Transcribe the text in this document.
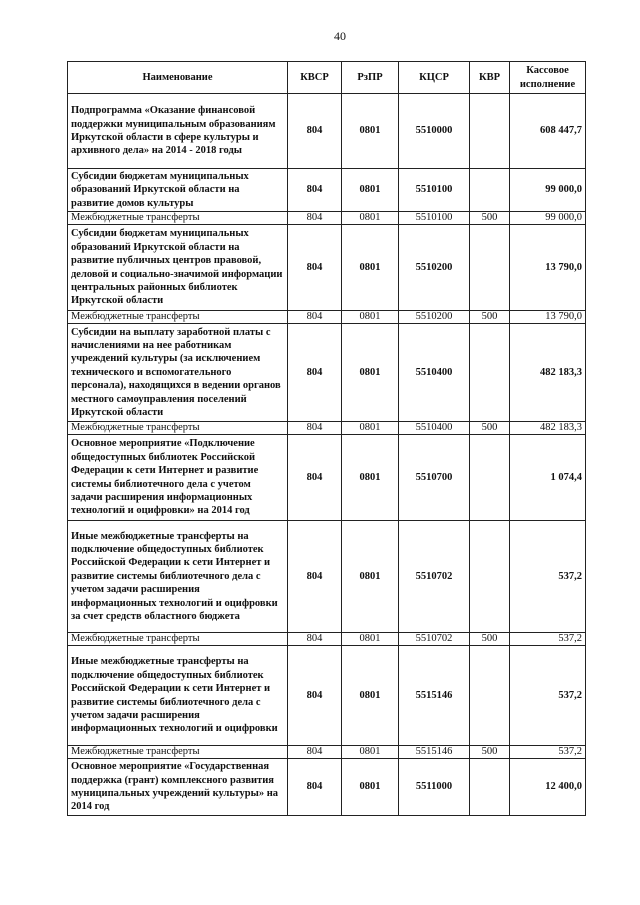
40
Наименование	КВСР	РзПР	КЦСР	КВР	Кассовое исполнение
Подпрограмма «Оказание финансовой поддержки муниципальным образованиям Иркутской области в сфере культуры и архивного дела» на 2014 - 2018 годы	804	0801	5510000		608 447,7
Субсидии бюджетам муниципальных образований Иркутской области на развитие домов культуры	804	0801	5510100		99 000,0
Межбюджетные трансферты	804	0801	5510100	500	99 000,0
Субсидии бюджетам муниципальных образований Иркутской области на развитие публичных центров правовой, деловой и социально-значимой информации центральных районных библиотек Иркутской области	804	0801	5510200		13 790,0
Межбюджетные трансферты	804	0801	5510200	500	13 790,0
Субсидии на выплату заработной платы с начислениями на нее работникам учреждений культуры (за исключением технического и вспомогательного персонала), находящихся в ведении органов местного самоуправления поселений Иркутской области	804	0801	5510400		482 183,3
Межбюджетные трансферты	804	0801	5510400	500	482 183,3
Основное мероприятие «Подключение общедоступных библиотек Российской Федерации к сети Интернет и развитие системы библиотечного дела с учетом задачи расширения информационных технологий и оцифровки» на 2014 год	804	0801	5510700		1 074,4
Иные межбюджетные трансферты на подключение общедоступных библиотек Российской Федерации к сети Интернет и развитие системы библиотечного дела с учетом задачи расширения информационных технологий и оцифровки за счет средств областного бюджета	804	0801	5510702		537,2
Межбюджетные трансферты	804	0801	5510702	500	537,2
Иные межбюджетные трансферты на подключение общедоступных библиотек Российской Федерации к сети Интернет и развитие системы библиотечного дела с учетом задачи расширения информационных технологий и оцифровки	804	0801	5515146		537,2
Межбюджетные трансферты	804	0801	5515146	500	537,2
Основное мероприятие «Государственная поддержка (грант) комплексного развития муниципальных учреждений культуры» на 2014 год	804	0801	5511000		12 400,0
